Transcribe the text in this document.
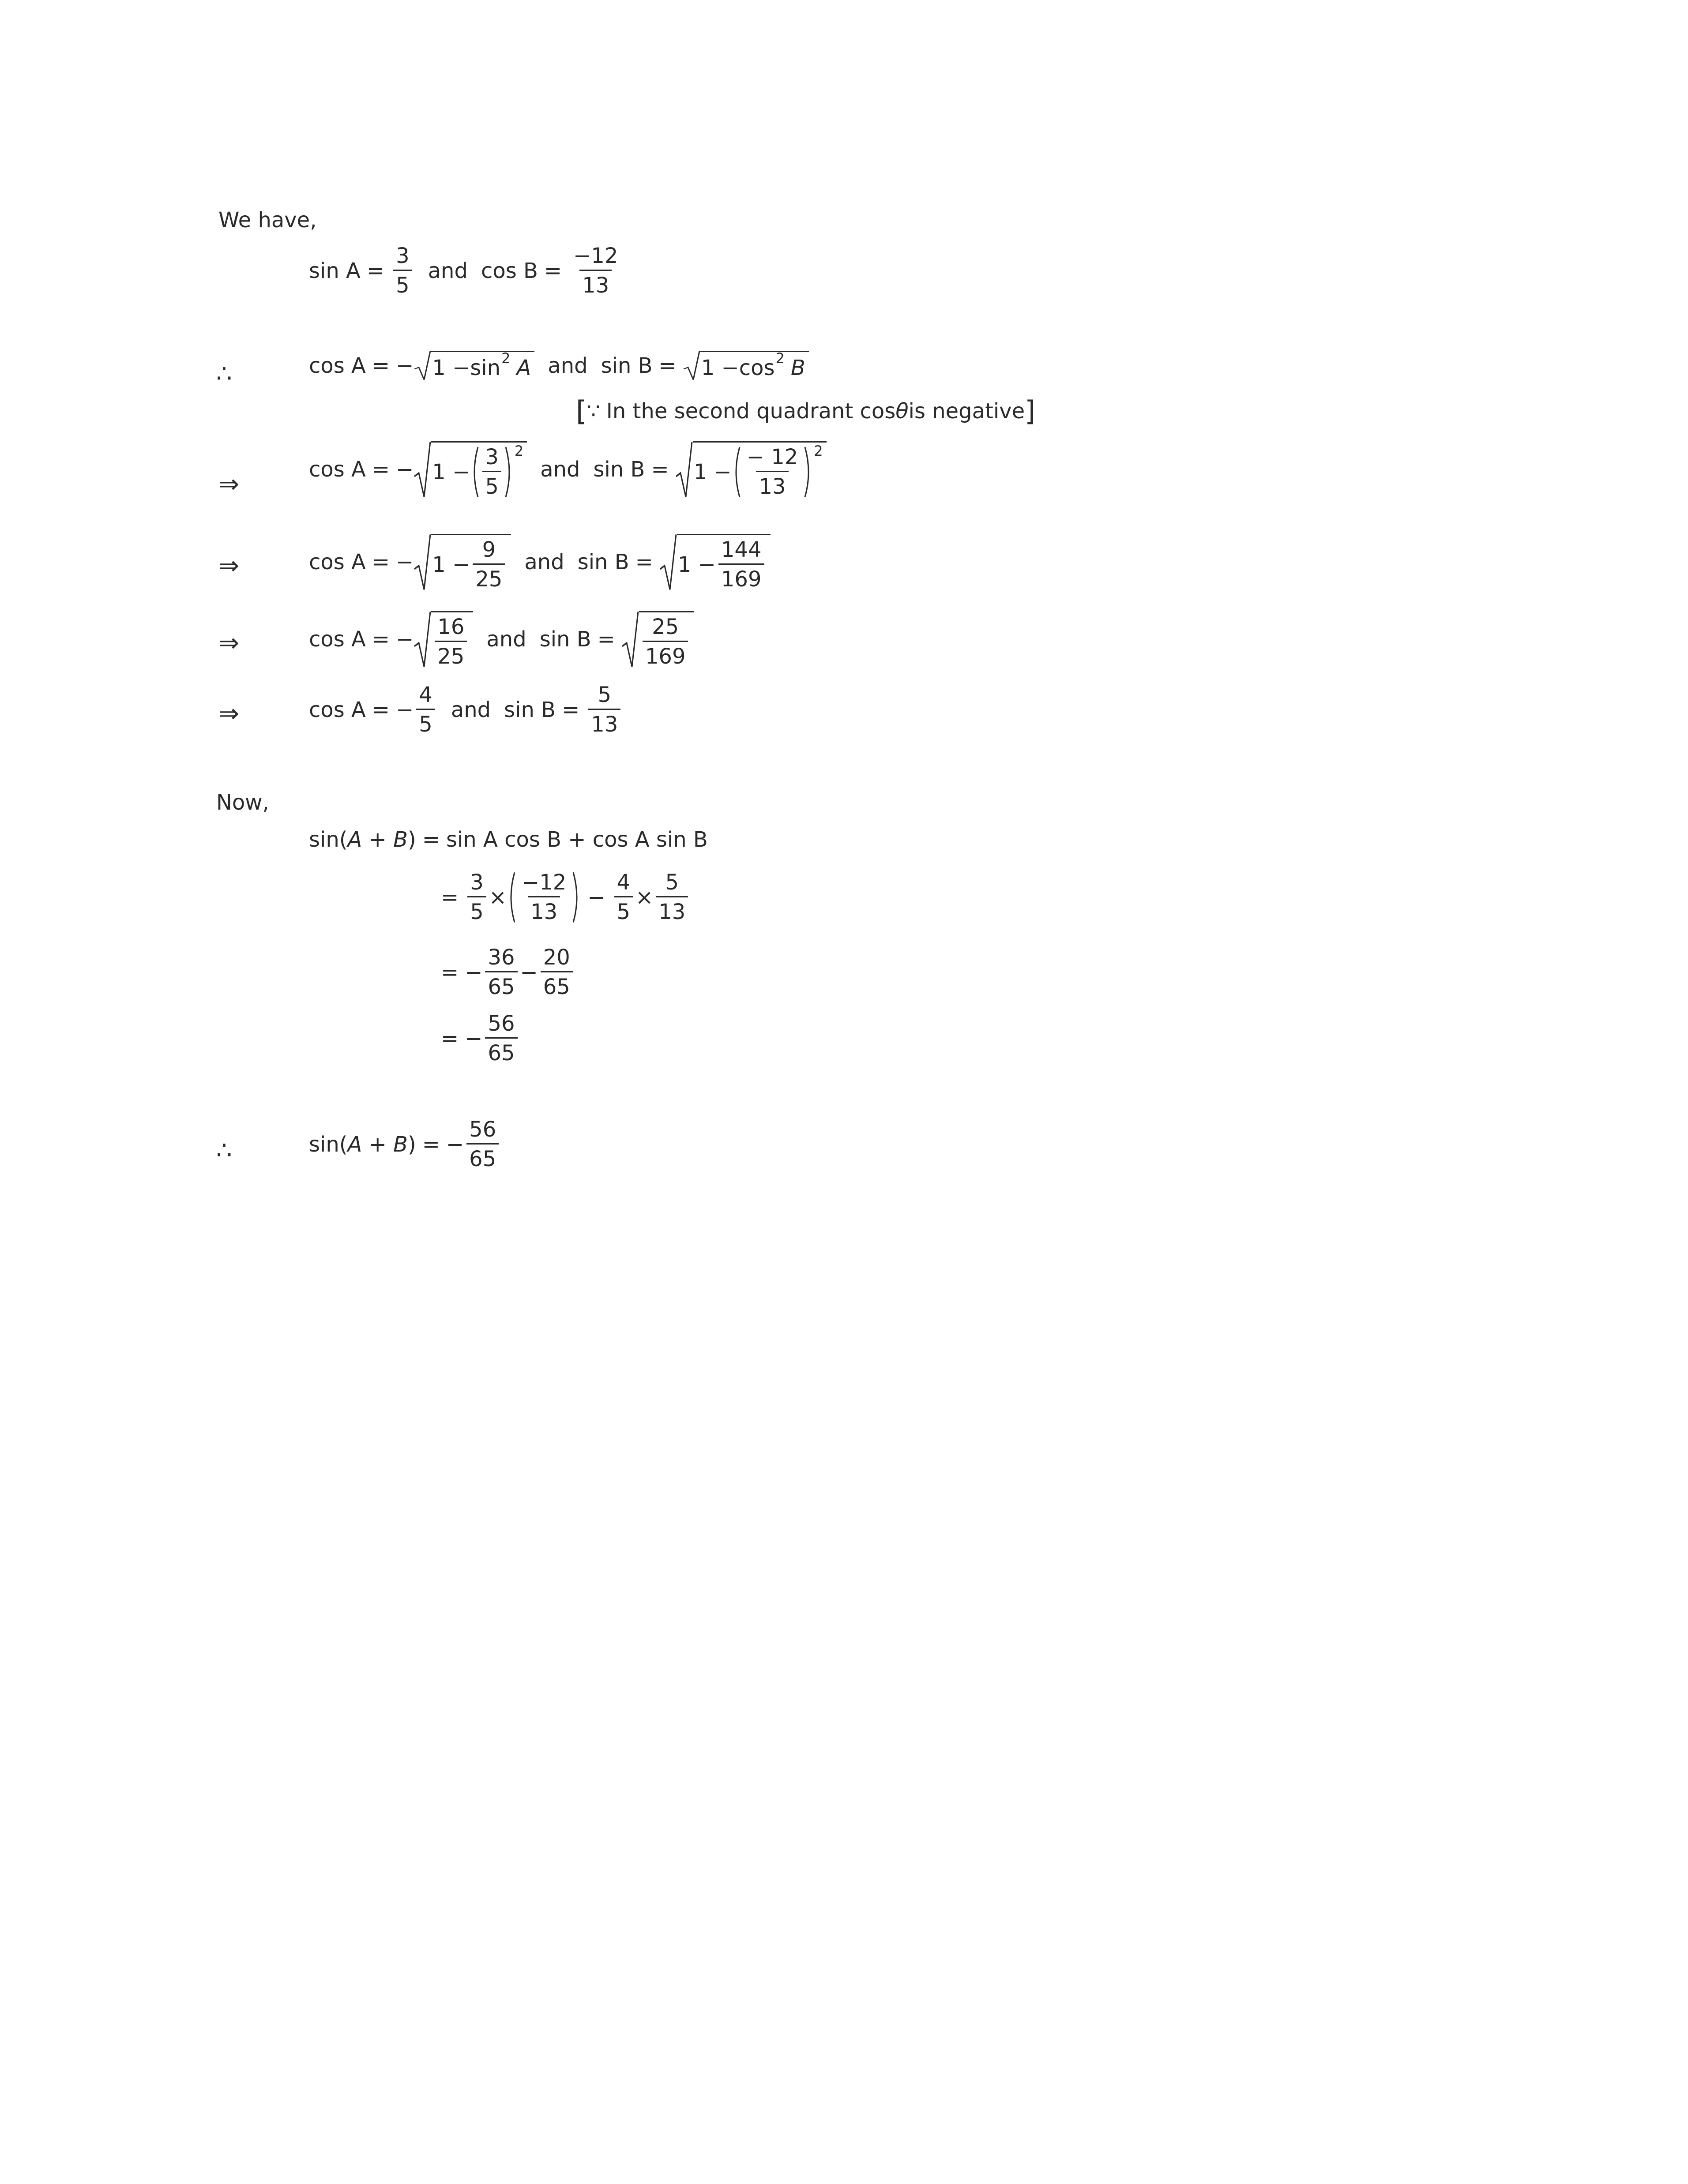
We have,
$\sin A = \frac{3}{5}$ and $\cos B = \frac{-12}{13}$
∴	cos A = − 1 − sin 2 A and sin B = 1 − cos 2 B
[ ∵ In the second quadrant cos θ is negative ]
⇒
cos A = − $1 - \frac{3}{5} 2$
and $\sin B = 1 - \frac{- 12}{13} 2$
⇒	cos A = − $1 - \frac{9}{25}$ and $\sin B = 1 - \frac{144}{169}$
⇒	cos A = − $\frac{16}{25}$ and $\sin B = \frac{25}{169}$
⇒	cos A = − $\frac{4}{5}$ and $\sin B = \frac{5}{13}$
Now,
sin ( A + B ) = sin A cos B + cos A sin B
= $\frac{3}{5} \times \frac{-12}{13} - \frac{4}{5} \times \frac{5}{13}$
= − $\frac{36}{65} - \frac{20}{65}$
= − $\frac{56}{65}$
∴	sin ( A + B ) = − $\frac{56}{65}$
